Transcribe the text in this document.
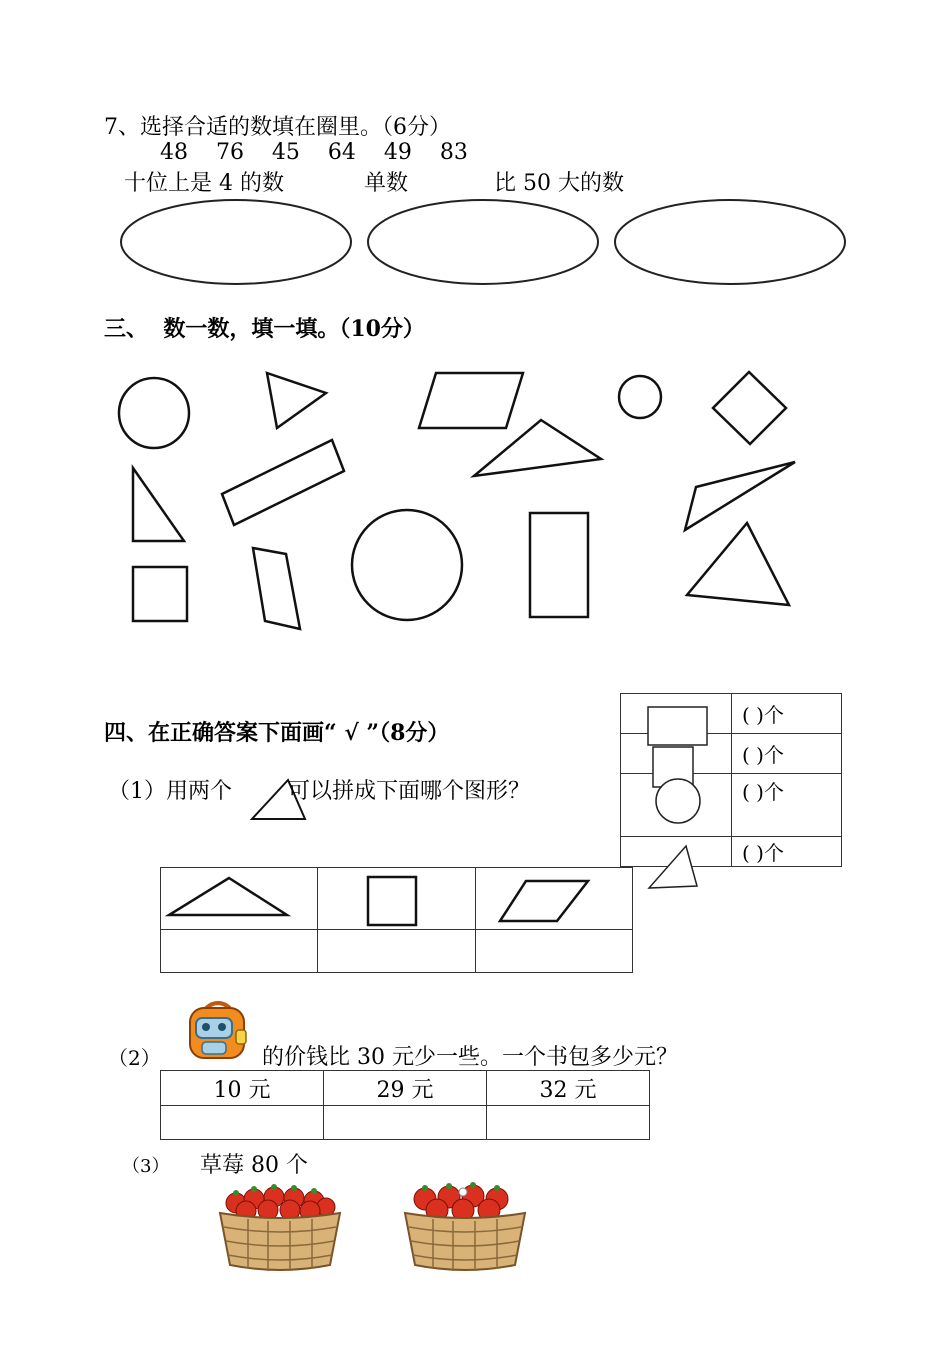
7、选择合适的数填在圈里。（6分）
48    76    45    64    49    83
十位上是 4 的数	单数	比 50 大的数
三、  数一数，填一填。（10分）
四、在正确答案下面画“ √ ”（8分）
	( )个
	( )个
	( )个
	( )个
（1）用两个	可以拼成下面哪个图形？

（2）	的价钱比 30 元少一些。一个书包多少元？
10 元	29 元	32 元

（3） 草莓 80 个
